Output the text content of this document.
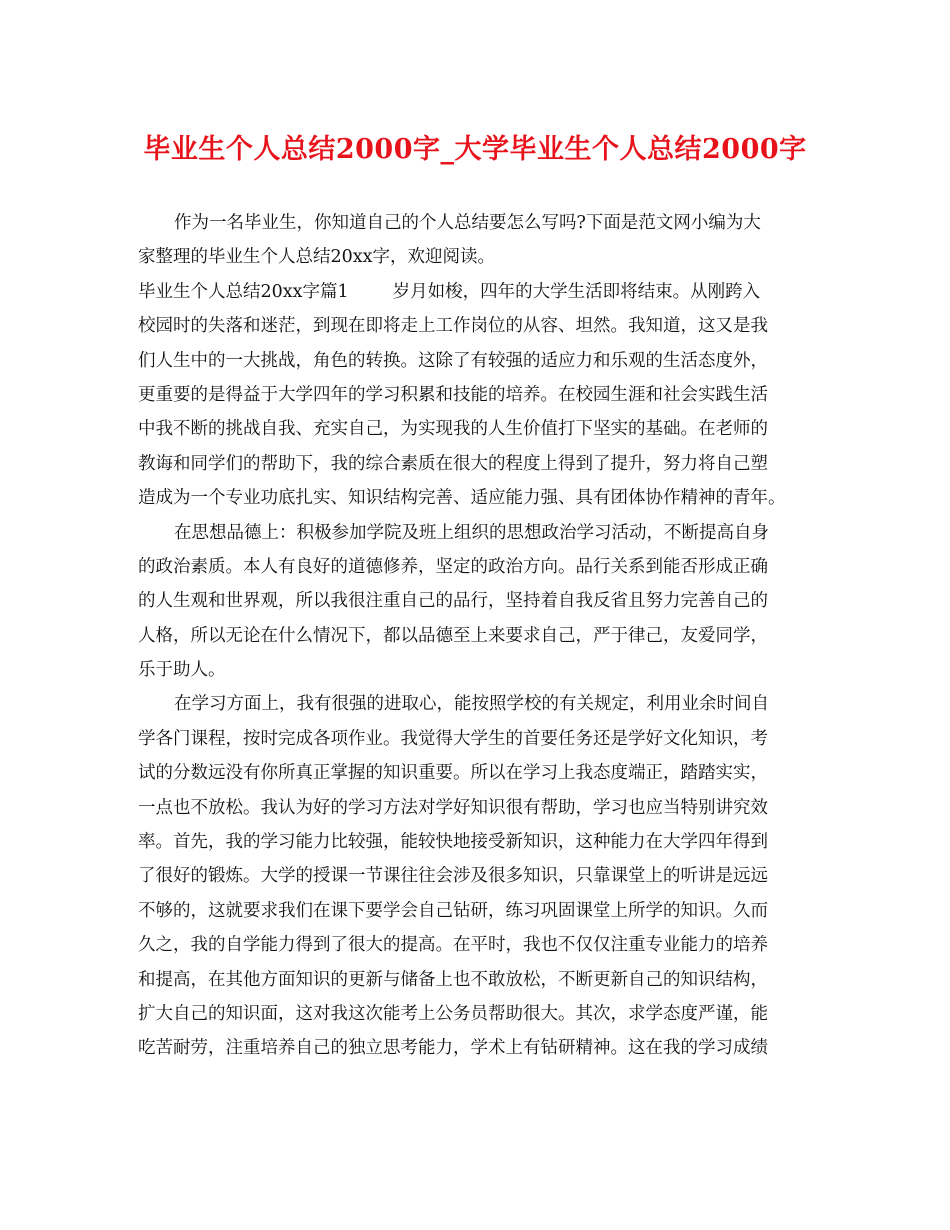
毕业生个人总结2000字_大学毕业生个人总结2000字

作为一名毕业生，你知道自己的个人总结要怎么写吗?下面是范文网小编为大

家整理的毕业生个人总结20xx字，欢迎阅读。

毕业生个人总结20xx字篇1	岁月如梭，四年的大学生活即将结束。从刚跨入

校园时的失落和迷茫，到现在即将走上工作岗位的从容、坦然。我知道，这又是我

们人生中的一大挑战，角色的转换。这除了有较强的适应力和乐观的生活态度外，

更重要的是得益于大学四年的学习积累和技能的培养。在校园生涯和社会实践生活

中我不断的挑战自我、充实自己，为实现我的人生价值打下坚实的基础。在老师的

教诲和同学们的帮助下，我的综合素质在很大的程度上得到了提升，努力将自己塑

造成为一个专业功底扎实、知识结构完善、适应能力强、具有团体协作精神的青年。

在思想品德上：积极参加学院及班上组织的思想政治学习活动，不断提高自身

的政治素质。本人有良好的道德修养，坚定的政治方向。品行关系到能否形成正确

的人生观和世界观，所以我很注重自己的品行，坚持着自我反省且努力完善自己的

人格，所以无论在什么情况下，都以品德至上来要求自己，严于律己，友爱同学，

乐于助人。

在学习方面上，我有很强的进取心，能按照学校的有关规定，利用业余时间自

学各门课程，按时完成各项作业。我觉得大学生的首要任务还是学好文化知识，考

试的分数远没有你所真正掌握的知识重要。所以在学习上我态度端正，踏踏实实，

一点也不放松。我认为好的学习方法对学好知识很有帮助，学习也应当特别讲究效

率。首先，我的学习能力比较强，能较快地接受新知识，这种能力在大学四年得到

了很好的锻炼。大学的授课一节课往往会涉及很多知识，只靠课堂上的听讲是远远

不够的，这就要求我们在课下要学会自己钻研，练习巩固课堂上所学的知识。久而

久之，我的自学能力得到了很大的提高。在平时，我也不仅仅注重专业能力的培养

和提高，在其他方面知识的更新与储备上也不敢放松，不断更新自己的知识结构，

扩大自己的知识面，这对我这次能考上公务员帮助很大。其次，求学态度严谨，能

吃苦耐劳，注重培养自己的独立思考能力，学术上有钻研精神。这在我的学习成绩
